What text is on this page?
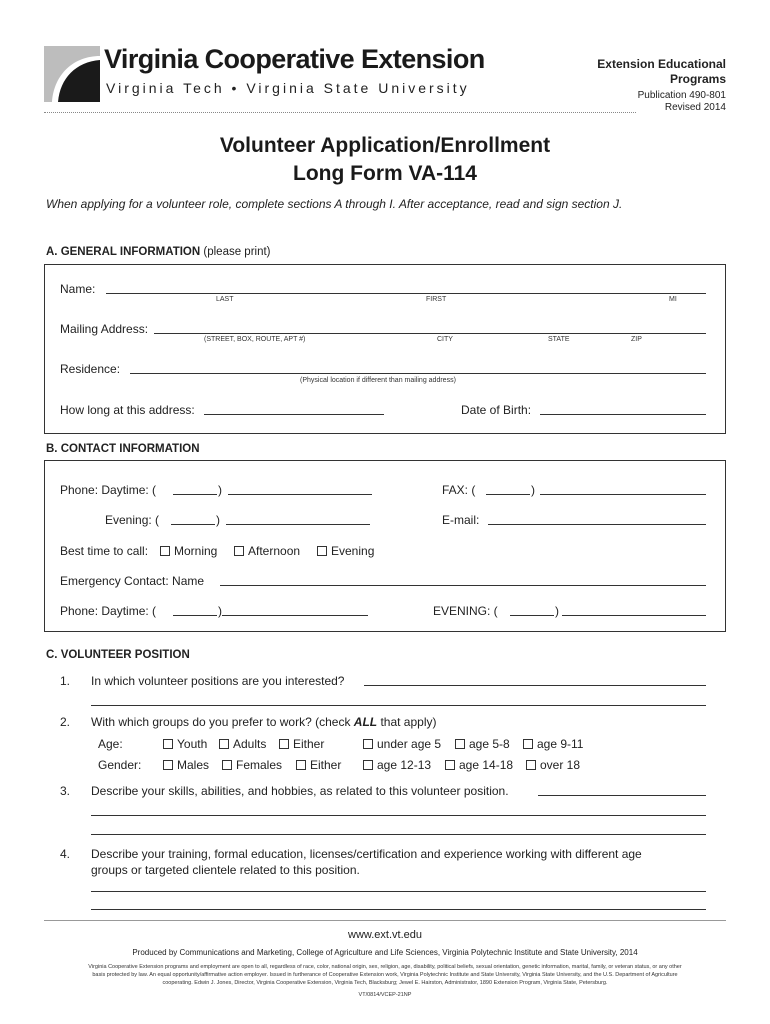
Virginia Cooperative Extension
Virginia Tech • Virginia State University
Extension Educational
Programs
Publication 490-801
Revised 2014
Volunteer Application/Enrollment
Long Form VA-114
When applying for a volunteer role, complete sections A through I. After acceptance, read and sign section J.
A. GENERAL INFORMATION (please print)
Name:
LAST	FIRST	MI
Mailing Address:
(STREET, BOX, ROUTE, APT #)	CITY	STATE	ZIP
Residence:
(Physical location if different than mailing address)
How long at this address:	Date of Birth:
B. CONTACT INFORMATION
Phone: Daytime: (	)	FAX: (	)
Evening: (	)	E-mail:
Best time to call:	Morning	Afternoon	Evening
Emergency Contact: Name
Phone: Daytime: (	)	EVENING: (	)
C. VOLUNTEER POSITION
1. In which volunteer positions are you interested?
2. With which groups do you prefer to work? (check ALL that apply)
Age:	Youth	Adults	Either	under age 5	age 5-8	age 9-11
Gender:	Males	Females	Either	age 12-13	age 14-18	over 18
3. Describe your skills, abilities, and hobbies, as related to this volunteer position.
4. Describe your training, formal education, licenses/certification and experience working with different age
groups or targeted clientele related to this position.
www.ext.vt.edu
Produced by Communications and Marketing, College of Agriculture and Life Sciences, Virginia Polytechnic Institute and State University, 2014
Virginia Cooperative Extension programs and employment are open to all, regardless of race, color, national origin, sex, religion, age, disability, political beliefs, sexual orientation, genetic information, marital, family, or veteran status, or any other
basis protected by law. An equal opportunity/affirmative action employer. Issued in furtherance of Cooperative Extension work, Virginia Polytechnic Institute and State University, Virginia State University, and the U.S. Department of Agriculture
cooperating. Edwin J. Jones, Director, Virginia Cooperative Extension, Virginia Tech, Blacksburg; Jewel E. Hairston, Administrator, 1890 Extension Program, Virginia State, Petersburg.
VT/0814/VCEP-21NP
